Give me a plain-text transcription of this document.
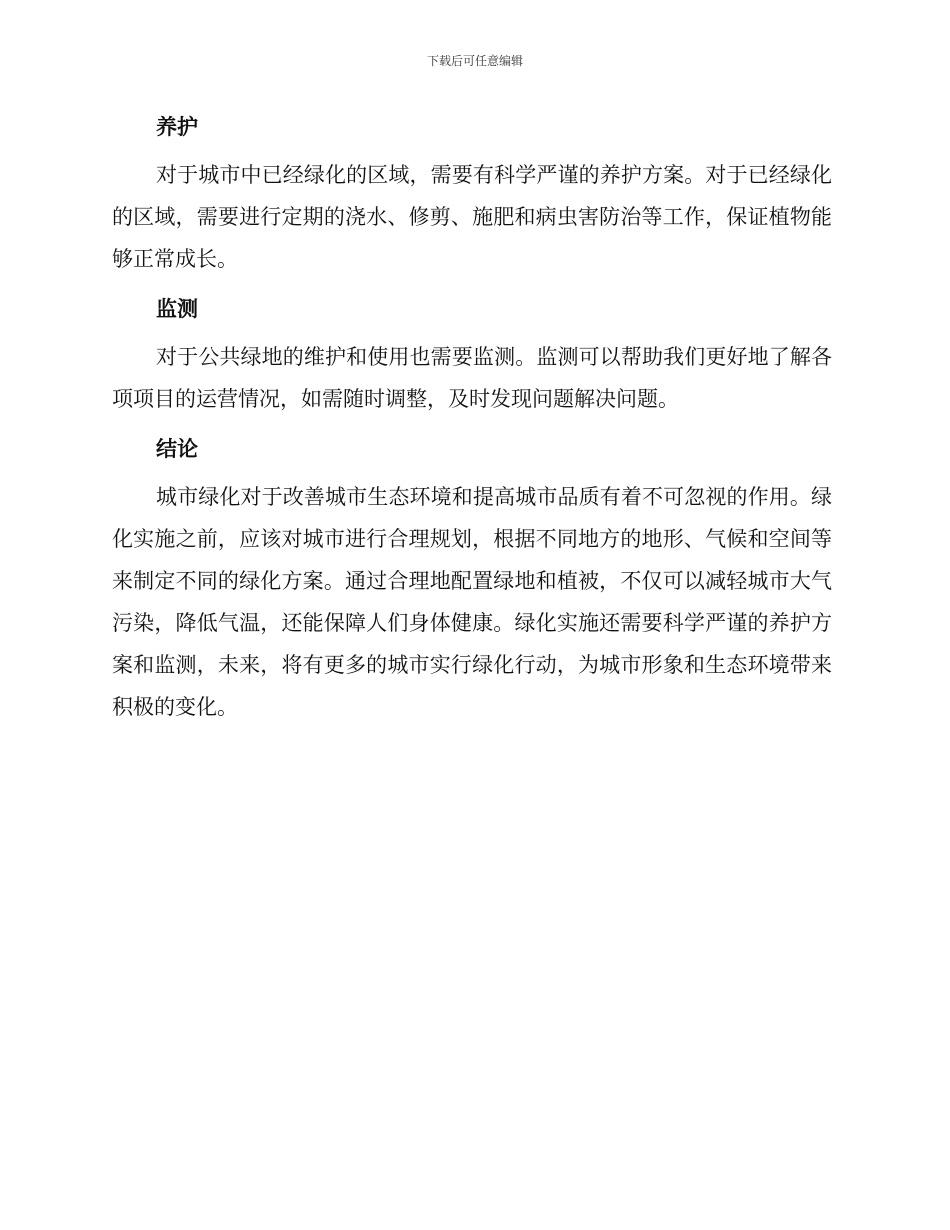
下载后可任意编辑
养护

对于城市中已经绿化的区域，需要有科学严谨的养护方案。对于已经绿化的区域，需要进行定期的浇水、修剪、施肥和病虫害防治等工作，保证植物能够正常成长。

监测

对于公共绿地的维护和使用也需要监测。监测可以帮助我们更好地了解各项项目的运营情况，如需随时调整，及时发现问题解决问题。

结论

城市绿化对于改善城市生态环境和提高城市品质有着不可忽视的作用。绿化实施之前，应该对城市进行合理规划，根据不同地方的地形、气候和空间等来制定不同的绿化方案。通过合理地配置绿地和植被，不仅可以减轻城市大气污染，降低气温，还能保障人们身体健康。绿化实施还需要科学严谨的养护方案和监测，未来，将有更多的城市实行绿化行动，为城市形象和生态环境带来积极的变化。
